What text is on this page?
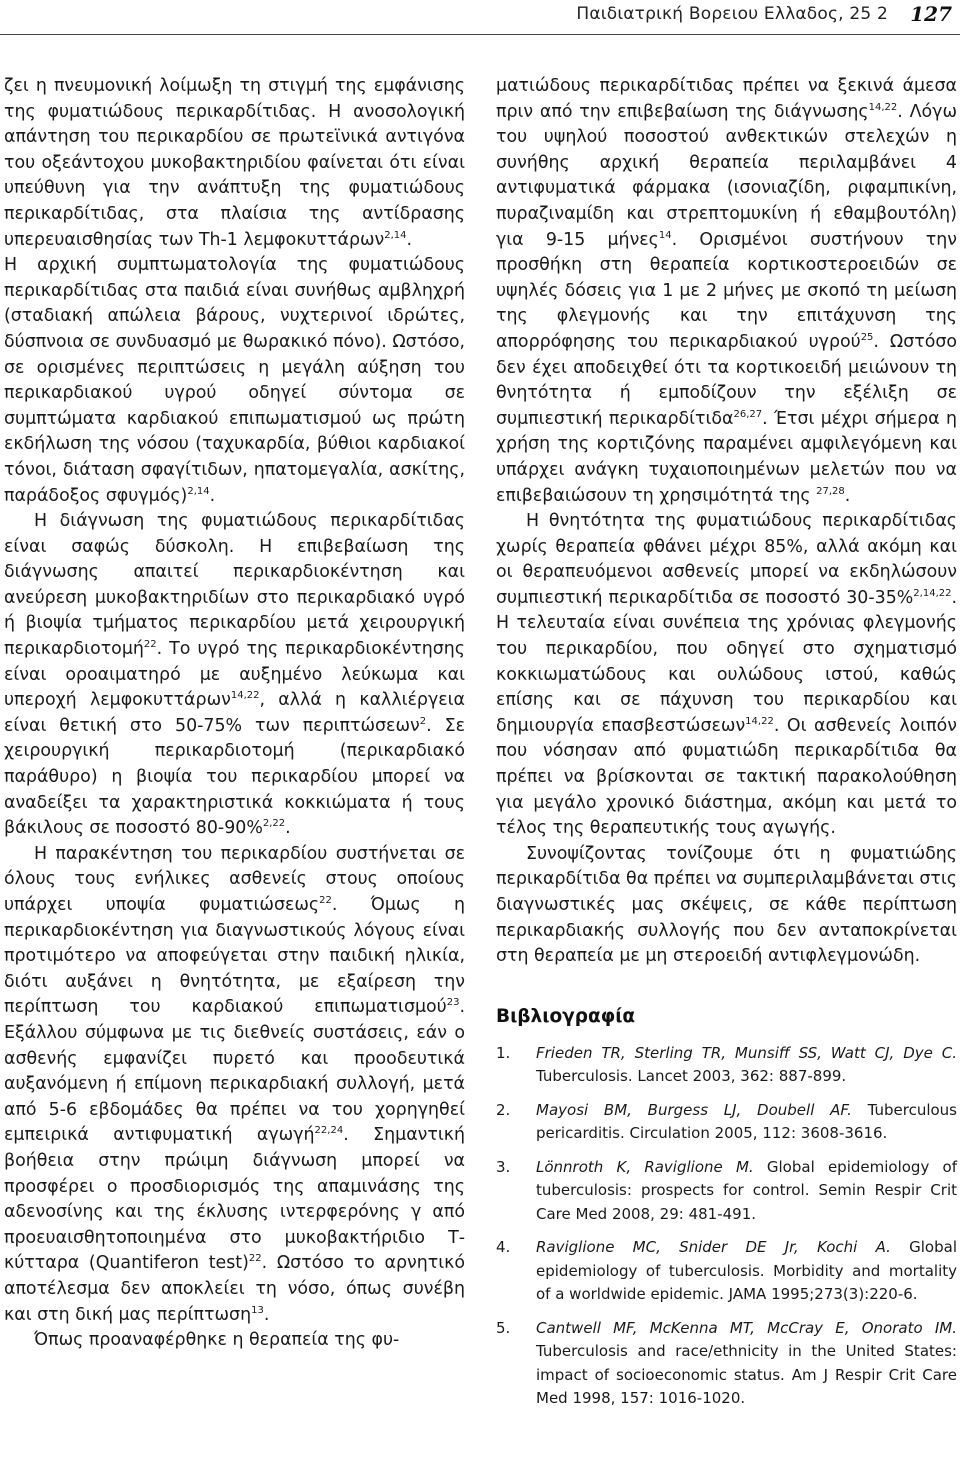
Παιδιατρική Βορειου Ελλαδος, 25 2 127

ζει η πνευμονική λοίμωξη τη στιγμή της εμφάνισης της φυματιώδους περικαρδίτιδας. Η ανοσολογική απάντηση του περικαρδίου σε πρωτεϊνικά αντιγόνα του οξεάντοχου μυκοβακτηριδίου φαίνεται ότι είναι υπεύθυνη για την ανάπτυξη της φυματιώδους περικαρδίτιδας, στα πλαίσια της αντίδρασης υπερευαισθησίας των Th-1 λεμφοκυττάρων$^{2,14}$.

Η αρχική συμπτωματολογία της φυματιώδους περικαρδίτιδας στα παιδιά είναι συνήθως αμβληχρή (σταδιακή απώλεια βάρους, νυχτερινοί ιδρώτες, δύσπνοια σε συνδυασμό με θωρακικό πόνο). Ωστόσο, σε ορισμένες περιπτώσεις η μεγάλη αύξηση του περικαρδιακού υγρού οδηγεί σύντομα σε συμπτώματα καρδιακού επιπωματισμού ως πρώτη εκδήλωση της νόσου (ταχυκαρδία, βύθιοι καρδιακοί τόνοι, διάταση σφαγίτιδων, ηπατομεγαλία, ασκίτης, παράδοξος σφυγμός)$^{2,14}$.

Η διάγνωση της φυματιώδους περικαρδίτιδας είναι σαφώς δύσκολη. Η επιβεβαίωση της διάγνωσης απαιτεί περικαρδιοκέντηση και ανεύρεση μυκοβακτηριδίων στο περικαρδιακό υγρό ή βιοψία τμήματος περικαρδίου μετά χειρουργική περικαρδιοτομή$^{22}$. Το υγρό της περικαρδιοκέντησης είναι οροαιματηρό με αυξημένο λεύκωμα και υπεροχή λεμφοκυττάρων$^{14,22}$, αλλά η καλλιέργεια είναι θετική στο 50-75% των περιπτώσεων$^2$. Σε χειρουργική περικαρδιοτομή (περικαρδιακό παράθυρο) η βιοψία του περικαρδίου μπορεί να αναδείξει τα χαρακτηριστικά κοκκιώματα ή τους βάκιλους σε ποσοστό 80-90%$^{2,22}$.

Η παρακέντηση του περικαρδίου συστήνεται σε όλους τους ενήλικες ασθενείς στους οποίους υπάρχει υποψία φυματιώσεως$^{22}$. Όμως η περικαρδιοκέντηση για διαγνωστικούς λόγους είναι προτιμότερο να αποφεύγεται στην παιδική ηλικία, διότι αυξάνει η θνητότητα, με εξαίρεση την περίπτωση του καρδιακού επιπωματισμού$^{23}$. Εξάλλου σύμφωνα με τις διεθνείς συστάσεις, εάν ο ασθενής εμφανίζει πυρετό και προοδευτικά αυξανόμενη ή επίμονη περικαρδιακή συλλογή, μετά από 5-6 εβδομάδες θα πρέπει να του χορηγηθεί εμπειρικά αντιφυματική αγωγή$^{22,24}$. Σημαντική βοήθεια στην πρώιμη διάγνωση μπορεί να προσφέρει ο προσδιορισμός της απαμινάσης της αδενοσίνης και της έκλυσης ιντερφερόνης γ από προευαισθητοποιημένα στο μυκοβακτήριδιο Τ-κύτταρα (Quantiferon test)$^{22}$. Ωστόσο το αρνητικό αποτέλεσμα δεν αποκλείει τη νόσο, όπως συνέβη και στη δική μας περίπτωση$^{13}$.

Όπως προαναφέρθηκε η θεραπεία της φυ-

ματιώδους περικαρδίτιδας πρέπει να ξεκινά άμεσα πριν από την επιβεβαίωση της διάγνωσης$^{14,22}$. Λόγω του υψηλού ποσοστού ανθεκτικών στελεχών η συνήθης αρχική θεραπεία περιλαμβάνει 4 αντιφυματικά φάρμακα (ισονιαζίδη, ριφαμπικίνη, πυραζιναμίδη και στρεπτομυκίνη ή εθαμβουτόλη) για 9-15 μήνες$^{14}$. Ορισμένοι συστήνουν την προσθήκη στη θεραπεία κορτικοστεροειδών σε υψηλές δόσεις για 1 με 2 μήνες με σκοπό τη μείωση της φλεγμονής και την επιτάχυνση της απορρόφησης του περικαρδιακού υγρού$^{25}$. Ωστόσο δεν έχει αποδειχθεί ότι τα κορτικοειδή μειώνουν τη θνητότητα ή εμποδίζουν την εξέλιξη σε συμπιεστική περικαρδίτιδα$^{26,27}$. Έτσι μέχρι σήμερα η χρήση της κορτιζόνης παραμένει αμφιλεγόμενη και υπάρχει ανάγκη τυχαιοποιημένων μελετών που να επιβεβαιώσουν τη χρησιμότητά της $^{27,28}$.

Η θνητότητα της φυματιώδους περικαρδίτιδας χωρίς θεραπεία φθάνει μέχρι 85%, αλλά ακόμη και οι θεραπευόμενοι ασθενείς μπορεί να εκδηλώσουν συμπιεστική περικαρδίτιδα σε ποσοστό 30-35%$^{2,14,22}$. Η τελευταία είναι συνέπεια της χρόνιας φλεγμονής του περικαρδίου, που οδηγεί στο σχηματισμό κοκκιωματώδους και ουλώδους ιστού, καθώς επίσης και σε πάχυνση του περικαρδίου και δημιουργία επασβεστώσεων$^{14,22}$. Οι ασθενείς λοιπόν που νόσησαν από φυματιώδη περικαρδίτιδα θα πρέπει να βρίσκονται σε τακτική παρακολούθηση για μεγάλο χρονικό διάστημα, ακόμη και μετά το τέλος της θεραπευτικής τους αγωγής.

Συνοψίζοντας τονίζουμε ότι η φυματιώδης περικαρδίτιδα θα πρέπει να συμπεριλαμβάνεται στις διαγνωστικές μας σκέψεις, σε κάθε περίπτωση περικαρδιακής συλλογής που δεν ανταποκρίνεται στη θεραπεία με μη στεροειδή αντιφλεγμονώδη.

Βιβλιογραφία

1. Frieden TR, Sterling TR, Munsiff SS, Watt CJ, Dye C. Tuberculosis. Lancet 2003, 362: 887-899.

2. Mayosi BM, Burgess LJ, Doubell AF. Tuberculous pericarditis. Circulation 2005, 112: 3608-3616.

3. Lönnroth K, Raviglione M. Global epidemiology of tuberculosis: prospects for control. Semin Respir Crit Care Med 2008, 29: 481-491.

4. Raviglione MC, Snider DE Jr, Kochi A. Global epidemiology of tuberculosis. Morbidity and mortality of a worldwide epidemic. JAMA 1995;273(3):220-6.

5. Cantwell MF, McKenna MT, McCray E, Onorato IM. Tuberculosis and race/ethnicity in the United States: impact of socioeconomic status. Am J Respir Crit Care Med 1998, 157: 1016-1020.
